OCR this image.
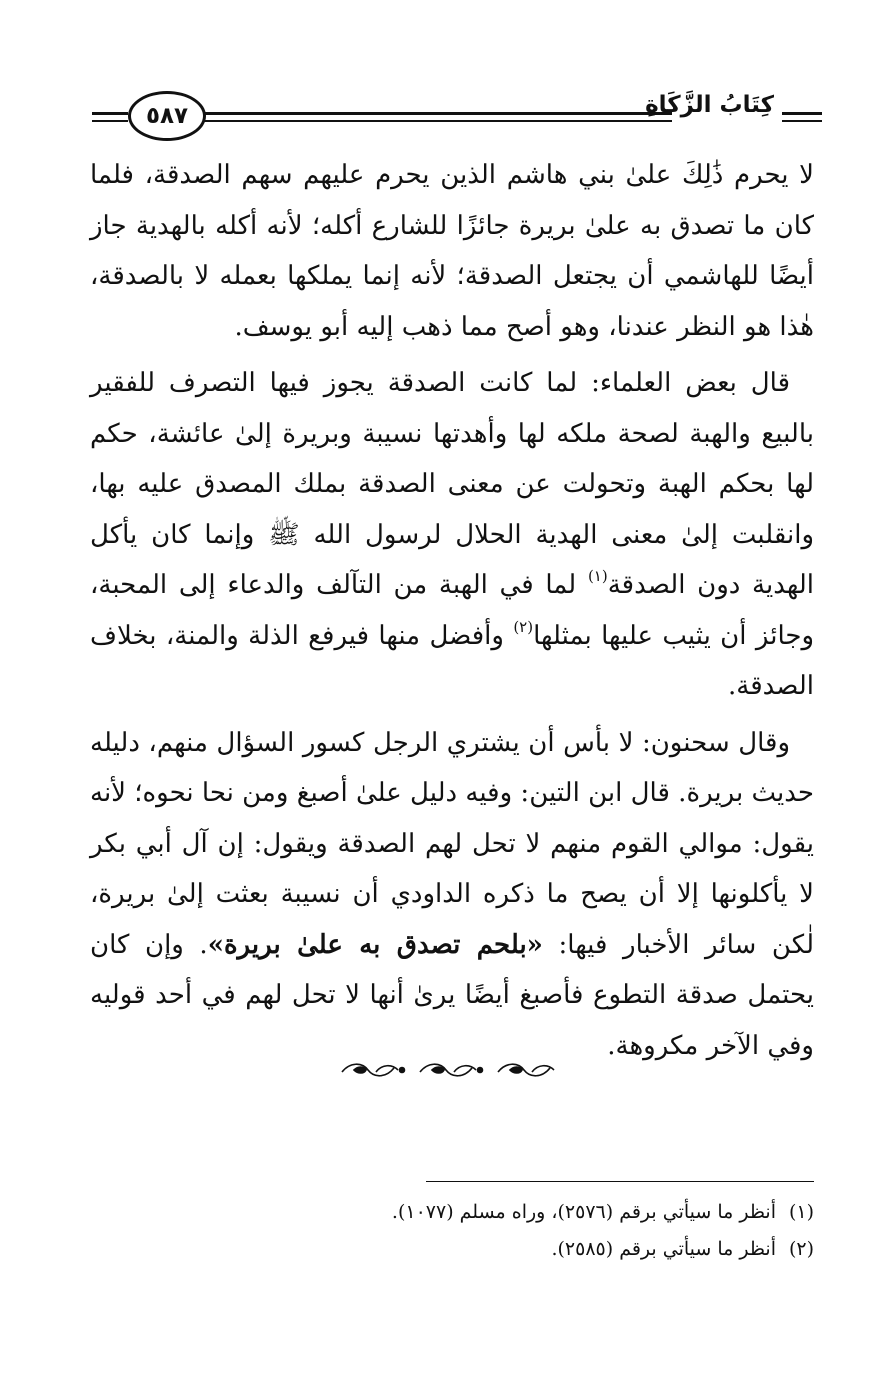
٥٨٧	كِتَابُ الزَّكَاةِ

لا يحرم ذَٰلِكَ علىٰ بني هاشم الذين يحرم عليهم سهم الصدقة، فلما كان ما تصدق به علىٰ بريرة جائزًا للشارع أكله؛ لأنه أكله بالهدية جاز أيضًا للهاشمي أن يجتعل الصدقة؛ لأنه إنما يملكها بعمله لا بالصدقة، هٰذا هو النظر عندنا، وهو أصح مما ذهب إليه أبو يوسف.

قال بعض العلماء: لما كانت الصدقة يجوز فيها التصرف للفقير بالبيع والهبة لصحة ملكه لها وأهدتها نسيبة وبريرة إلىٰ عائشة، حكم لها بحكم الهبة وتحولت عن معنى الصدقة بملك المصدق عليه بها، وانقلبت إلىٰ معنى الهدية الحلال لرسول الله ﷺ وإنما كان يأكل الهدية دون الصدقة$^{(١)}$ لما في الهبة من التآلف والدعاء إلى المحبة، وجائز أن يثيب عليها بمثلها$^{(٢)}$ وأفضل منها فيرفع الذلة والمنة، بخلاف الصدقة.

وقال سحنون: لا بأس أن يشتري الرجل كسور السؤال منهم، دليله حديث بريرة. قال ابن التين: وفيه دليل علىٰ أصبغ ومن نحا نحوه؛ لأنه يقول: موالي القوم منهم لا تحل لهم الصدقة ويقول: إن آل أبي بكر لا يأكلونها إلا أن يصح ما ذكره الداودي أن نسيبة بعثت إلىٰ بريرة، لٰكن سائر الأخبار فيها: «بلحم تصدق به علىٰ بريرة». وإن كان يحتمل صدقة التطوع فأصبغ أيضًا يرىٰ أنها لا تحل لهم في أحد قوليه وفي الآخر مكروهة.

(١)أنظر ما سيأتي برقم (٢٥٧٦)، وراه مسلم (١٠٧٧).
(٢)أنظر ما سيأتي برقم (٢٥٨٥).
